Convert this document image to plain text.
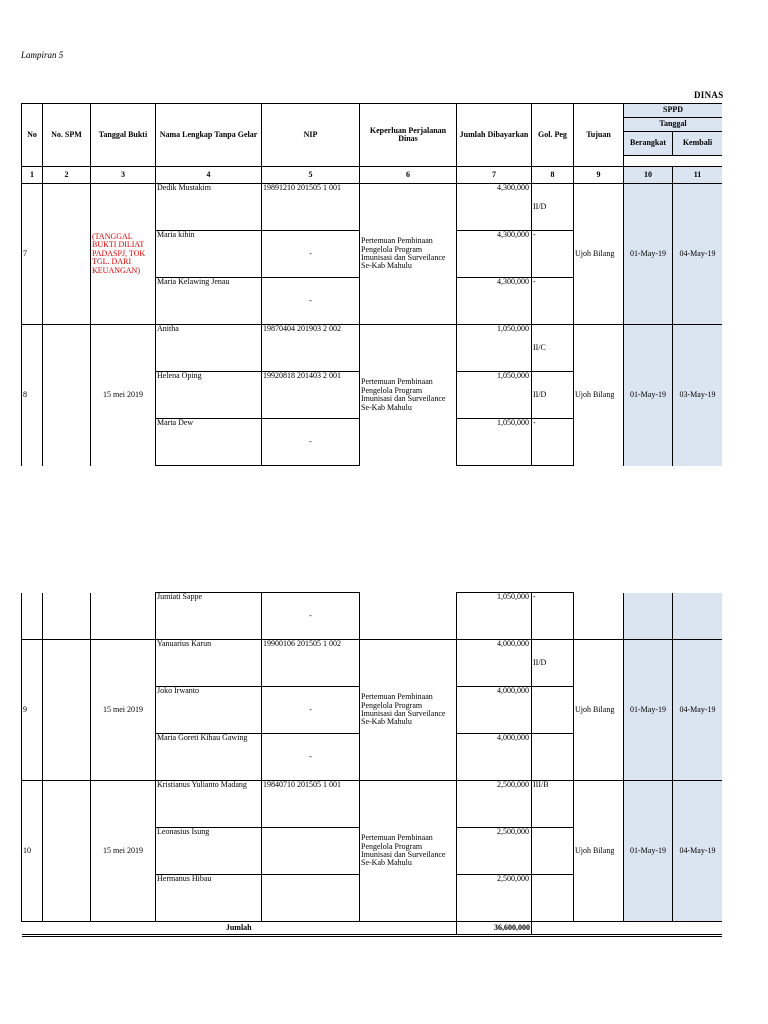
Lampiran 5
DINAS
No	No. SPM	Tanggal Bukti	Nama Lengkap Tanpa Gelar	NIP	Keperluan Perjalanan Dinas	Jumlah Dibayarkan	Gol. Peg	Tujuan	SPPD	
									Tanggal	
									Berangkat	Kembali

1	2	3	4	5	6	7	8	9	10	11
7		(TANGGAL BUKTI DILIAT PADASPJ, TOK TGL. DARI KEUANGAN)	Dedik Mustakim	19891210 201505 1 001	Pertemuan Pembinaan Pengelola Program Imunisasi dan Surveilance Se-Kab Mahulu	4,300,000	II/D	Ujoh Bilang	01-May-19	04-May-19
			Maria kihin	-		4,300,000	-			
			Maria Kelawing Jenau	-		4,300,000	-			
8		15 mei 2019	Anitha	19870404 201903 2 002	Pertemuan Pembinaan Pengelola Program Imunisasi dan Surveilance Se-Kab Mahulu	1,050,000	II/C	Ujoh Bilang	01-May-19	03-May-19
			Helena Oping	19920818 201403 2 001		1,050,000	II/D			
			Marta Dew	-		1,050,000	-			
			Jumiati Sappe	-		1,050,000	-			
9		15 mei 2019	Yanuarius Karun	19900106 201505 1 002	Pertemuan Pembinaan Pengelola Program Imunisasi dan Surveilance Se-Kab Mahulu	4,000,000	II/D	Ujoh Bilang	01-May-19	04-May-19
			Joko Irwanto	-		4,000,000				
			Maria Goreti Kihau Gawing	-		4,000,000				
10		15 mei 2019	Kristianus Yulianto Madang	19840710 201505 1 001	Pertemuan Pembinaan Pengelola Program Imunisasi dan Surveilance Se-Kab Mahulu	2,500,000	III/B	Ujoh Bilang	01-May-19	04-May-19
			Leonasius Isung			2,500,000				
			Hermanus Hibau			2,500,000				
Jumlah						36,600,000				
